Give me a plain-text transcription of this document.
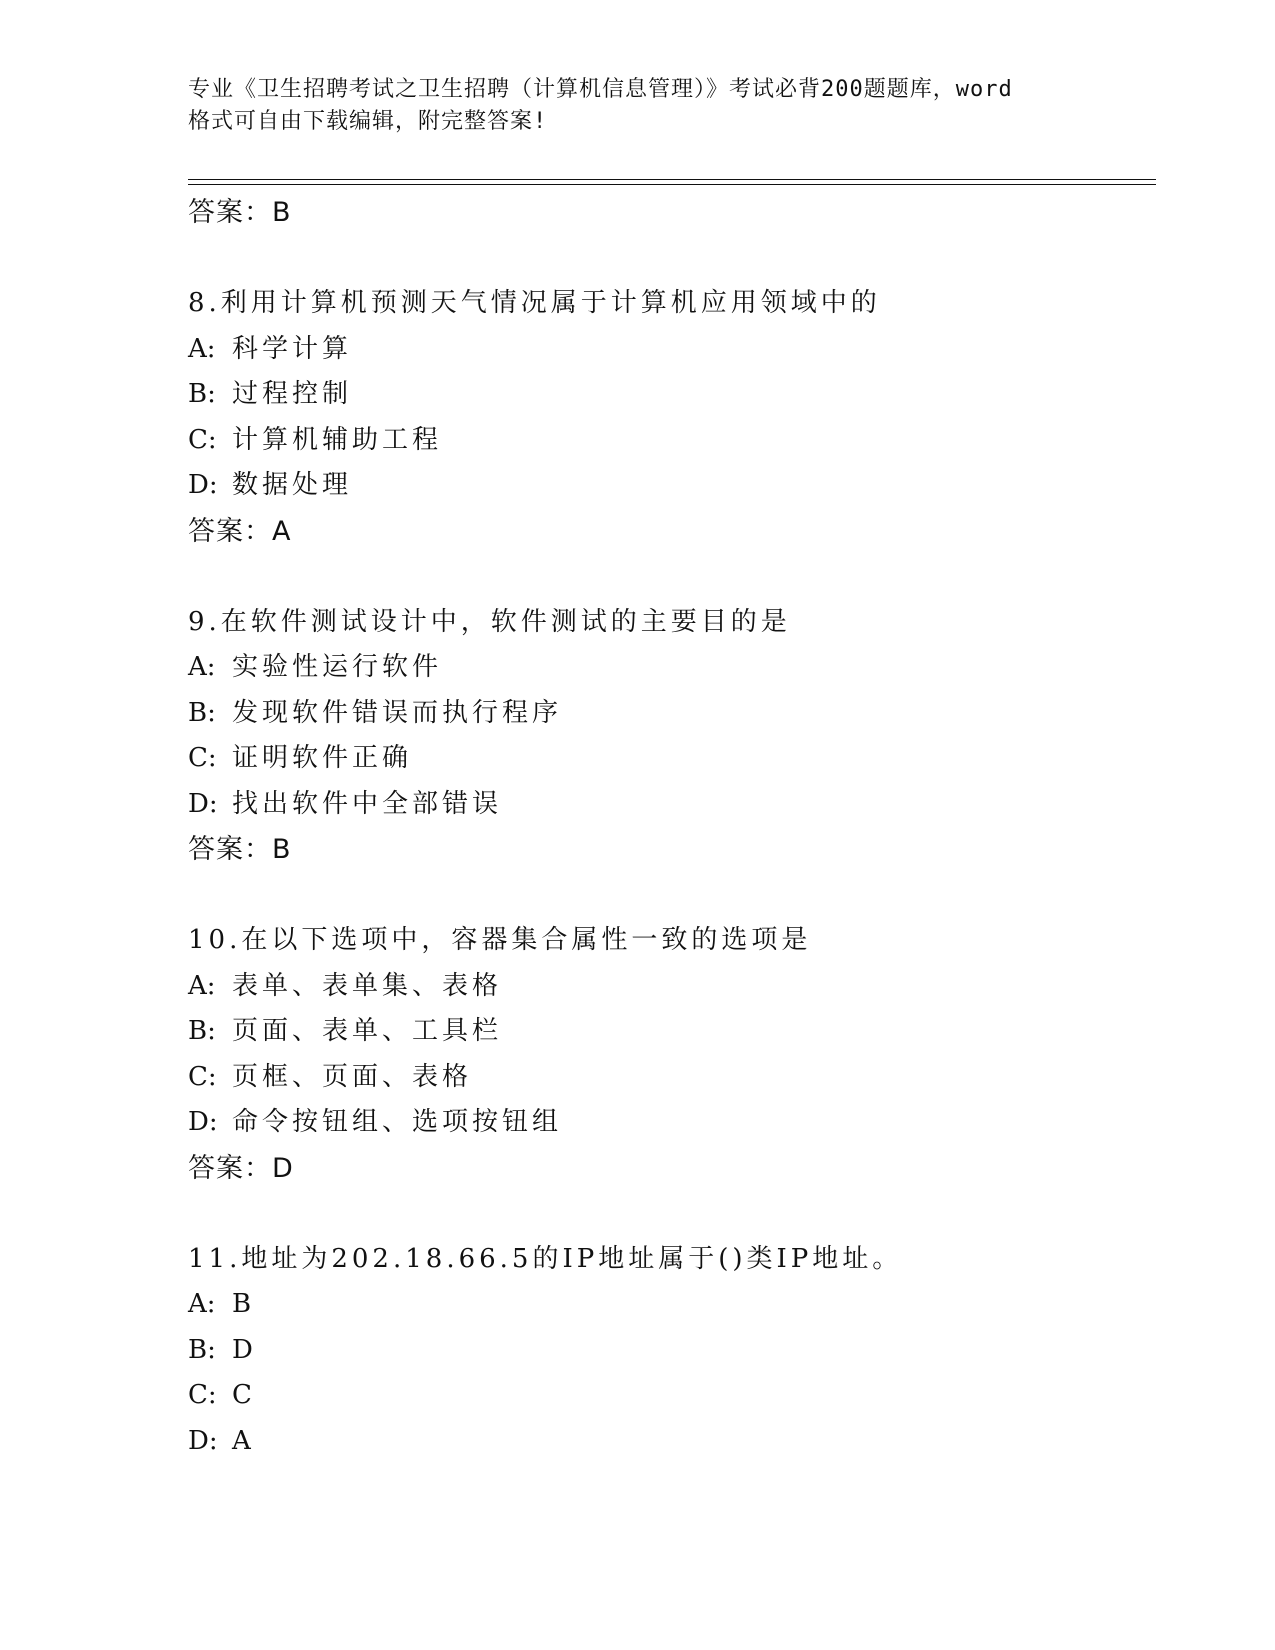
专业《卫生招聘考试之卫生招聘（计算机信息管理）》考试必背200题题库，word
格式可自由下载编辑，附完整答案!
答案：B
8.利用计算机预测天气情况属于计算机应用领域中的
A: 科学计算
B: 过程控制
C: 计算机辅助工程
D: 数据处理
答案：A
9.在软件测试设计中，软件测试的主要目的是
A: 实验性运行软件
B: 发现软件错误而执行程序
C: 证明软件正确
D: 找出软件中全部错误
答案：B
10.在以下选项中，容器集合属性一致的选项是
A: 表单、表单集、表格
B: 页面、表单、工具栏
C: 页框、页面、表格
D: 命令按钮组、选项按钮组
答案：D
11.地址为202.18.66.5的IP地址属于()类IP地址。
A: B
B: D
C: C
D: A
